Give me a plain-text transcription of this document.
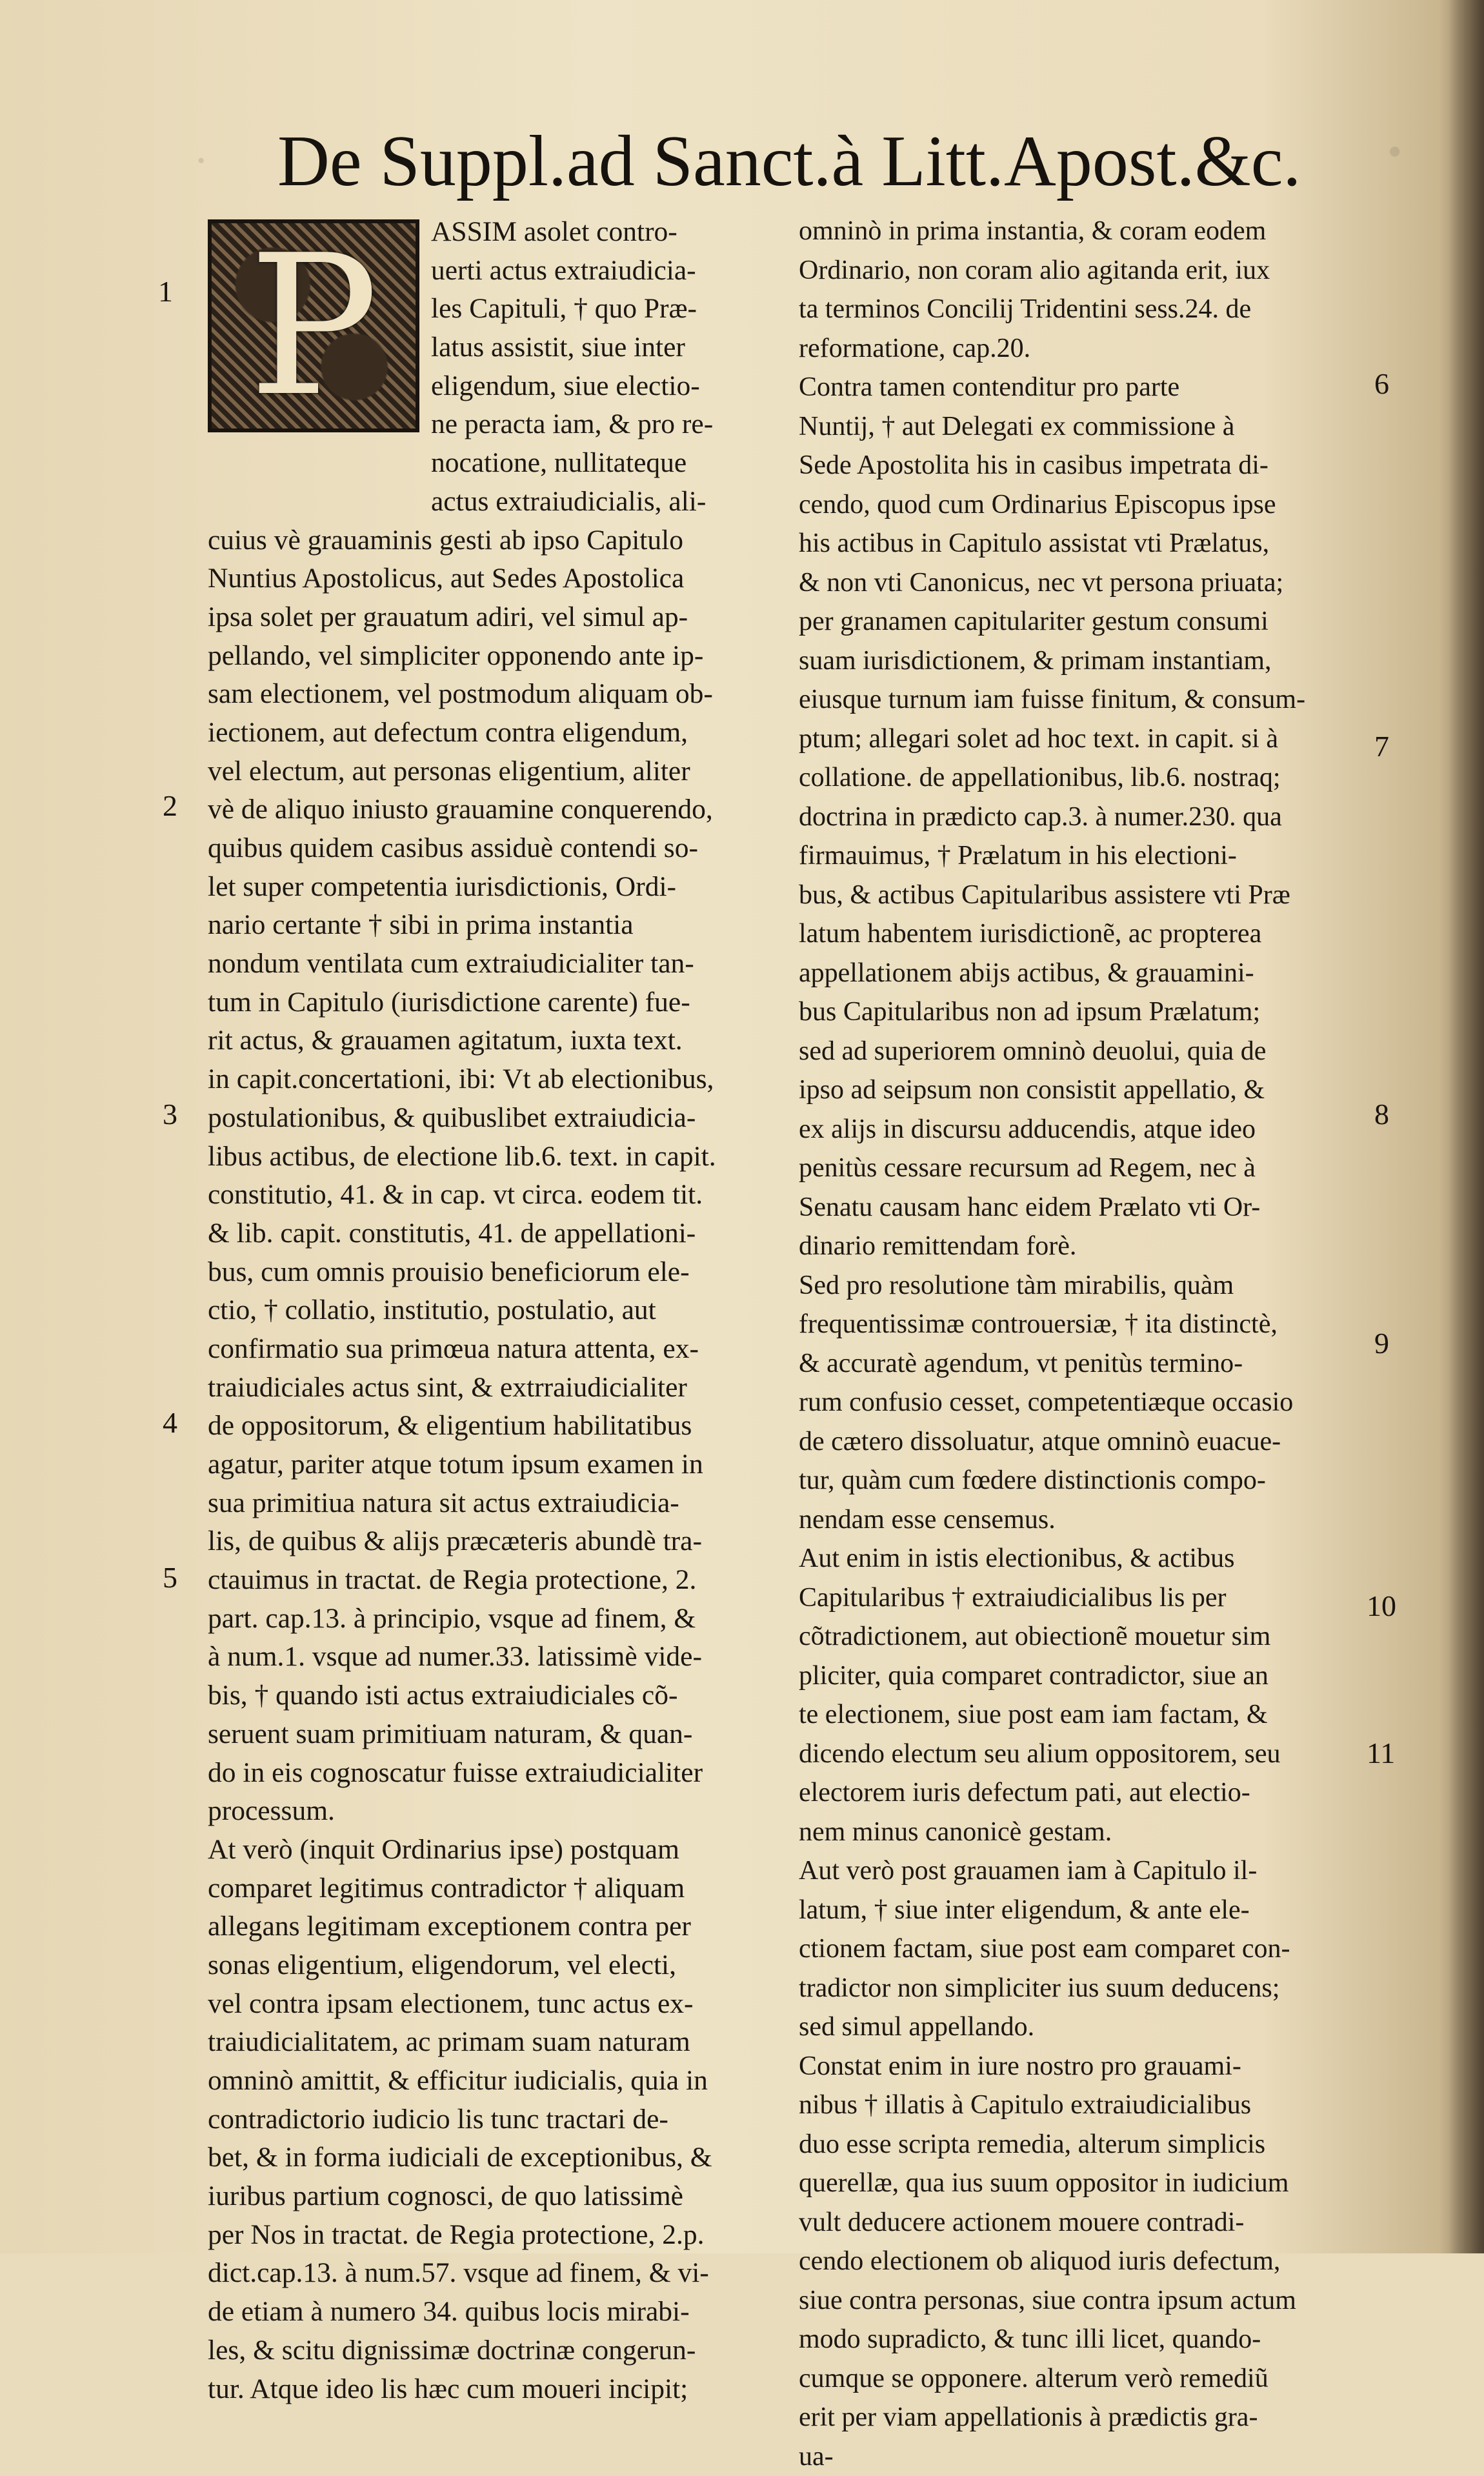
·	·
De Suppl.ad Sanct.à Litt.Apost.&c.
P	ASSIM asolet contro-
uerti actus extraiudicia-
les Capituli, † quo Præ-
latus assistit, siue inter
eligendum, siue electio-
ne peracta iam, & pro re-
nocatione, nullitateque
actus extraiudicialis, ali-
cuius vè grauaminis gesti ab ipso Capitulo
Nuntius Apostolicus, aut Sedes Apostolica
ipsa solet per grauatum adiri, vel simul ap-
pellando, vel simpliciter opponendo ante ip-
sam electionem, vel postmodum aliquam ob-
iectionem, aut defectum contra eligendum,
vel electum, aut personas eligentium, aliter
vè de aliquo iniusto grauamine conquerendo,
quibus quidem casibus assiduè contendi so-
let super competentia iurisdictionis, Ordi-
nario certante † sibi in prima instantia
nondum ventilata cum extraiudicialiter tan-
tum in Capitulo (iurisdictione carente) fue-
rit actus, & grauamen agitatum, iuxta text.
in capit.concertationi, ibi: Vt ab electionibus,
postulationibus, & quibuslibet extraiudicia-
libus actibus, de electione lib.6. text. in capit.
constitutio, 41. & in cap. vt circa. eodem tit.
& lib. capit. constitutis, 41. de appellationi-
bus, cum omnis prouisio beneficiorum ele-
ctio, † collatio, institutio, postulatio, aut
confirmatio sua primœua natura attenta, ex-
traiudiciales actus sint, & extrraiudicialiter
de oppositorum, & eligentium habilitatibus
agatur, pariter atque totum ipsum examen in
sua primitiua natura sit actus extraiudicia-
lis, de quibus & alijs præcæteris abundè tra-
ctauimus in tractat. de Regia protectione, 2.
part. cap.13. à principio, vsque ad finem, &
à num.1. vsque ad numer.33. latissimè vide-
bis, † quando isti actus extraiudiciales cõ-
seruent suam primitiuam naturam, & quan-
do in eis cognoscatur fuisse extraiudicialiter
processum.
At verò (inquit Ordinarius ipse) postquam
comparet legitimus contradictor † aliquam
allegans legitimam exceptionem contra per
sonas eligentium, eligendorum, vel electi,
vel contra ipsam electionem, tunc actus ex-
traiudicialitatem, ac primam suam naturam
omninò amittit, & efficitur iudicialis, quia in
contradictorio iudicio lis tunc tractari de-
bet, & in forma iudiciali de exceptionibus, &
iuribus partium cognosci, de quo latissimè
per Nos in tractat. de Regia protectione, 2.p.
dict.cap.13. à num.57. vsque ad finem, & vi-
de etiam à numero 34. quibus locis mirabi-
les, & scitu dignissimæ doctrinæ congerun-
tur. Atque ideo lis hæc cum moueri incipit;
omninò in prima instantia, & coram eodem
Ordinario, non coram alio agitanda erit, iux
ta terminos Concilij Tridentini sess.24. de
reformatione, cap.20.
Contra tamen contenditur pro parte
Nuntij, † aut Delegati ex commissione à
Sede Apostolita his in casibus impetrata di-
cendo, quod cum Ordinarius Episcopus ipse
his actibus in Capitulo assistat vti Prælatus,
& non vti Canonicus, nec vt persona priuata;
per granamen capitulariter gestum consumi
suam iurisdictionem, & primam instantiam,
eiusque turnum iam fuisse finitum, & consum-
ptum; allegari solet ad hoc text. in capit. si à
collatione. de appellationibus, lib.6. nostraq;
doctrina in prædicto cap.3. à numer.230. qua
firmauimus, † Prælatum in his electioni-
bus, & actibus Capitularibus assistere vti Præ
latum habentem iurisdictionẽ, ac propterea
appellationem abijs actibus, & grauamini-
bus Capitularibus non ad ipsum Prælatum;
sed ad superiorem omninò deuolui, quia de
ipso ad seipsum non consistit appellatio, &
ex alijs in discursu adducendis, atque ideo
penitùs cessare recursum ad Regem, nec à
Senatu causam hanc eidem Prælato vti Or-
dinario remittendam forè.
Sed pro resolutione tàm mirabilis, quàm
frequentissimæ controuersiæ, † ita distinctè,
& accuratè agendum, vt penitùs termino-
rum confusio cesset, competentiæque occasio
de cætero dissoluatur, atque omninò euacue-
tur, quàm cum fœdere distinctionis compo-
nendam esse censemus.
Aut enim in istis electionibus, & actibus
Capitularibus † extraiudicialibus lis per
cõtradictionem, aut obiectionẽ mouetur sim
pliciter, quia comparet contradictor, siue an
te electionem, siue post eam iam factam, &
dicendo electum seu alium oppositorem, seu
electorem iuris defectum pati, aut electio-
nem minus canonicè gestam.
Aut verò post grauamen iam à Capitulo il-
latum, † siue inter eligendum, & ante ele-
ctionem factam, siue post eam comparet con-
tradictor non simpliciter ius suum deducens;
sed simul appellando.
Constat enim in iure nostro pro grauami-
nibus † illatis à Capitulo extraiudicialibus
duo esse scripta remedia, alterum simplicis
querellæ, qua ius suum oppositor in iudicium
vult deducere actionem mouere contradi-
cendo electionem ob aliquod iuris defectum,
siue contra personas, siue contra ipsum actum
modo supradicto, & tunc illi licet, quando-
cumque se opponere. alterum verò remediũ
erit per viam appellationis à prædictis gra-
ua-
1
2
3
4
5
6
7
8
9
10
11
